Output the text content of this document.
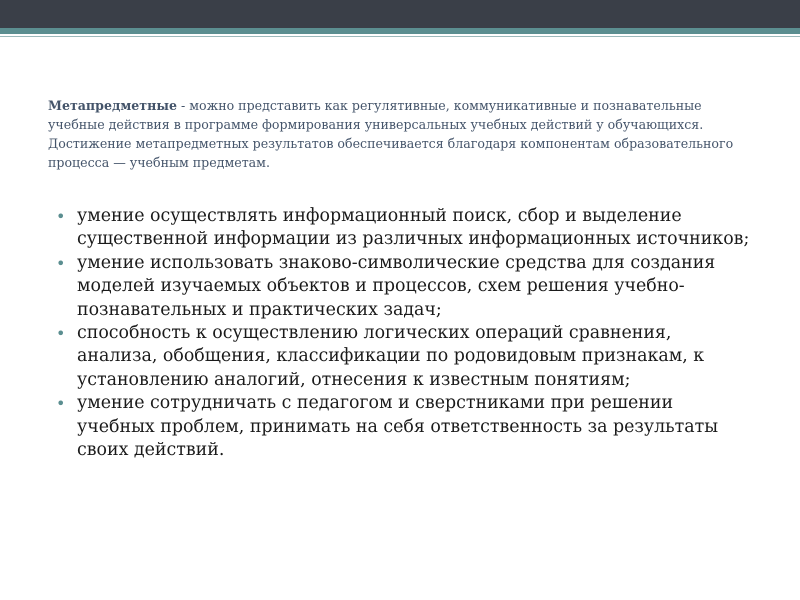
Метапредметные - можно представить как регулятивные, коммуникативные и познавательные учебные действия в программе формирования универсальных учебных действий у обучающихся. Достижение метапредметных результатов обеспечивается благодаря компонентам образовательного процесса — учебным предметам.

• умение осуществлять информационный поиск, сбор и выделение существенной информации из различных информационных источников;
• умение использовать знаково-символические средства для создания моделей изучаемых объектов и процессов, схем решения учебно-познавательных и практических задач;
• способность к осуществлению логических операций сравнения, анализа, обобщения, классификации по родовидовым признакам, к установлению аналогий, отнесения к известным понятиям;
• умение сотрудничать с педагогом и сверстниками при решении учебных проблем, принимать на себя ответственность за результаты своих действий.
